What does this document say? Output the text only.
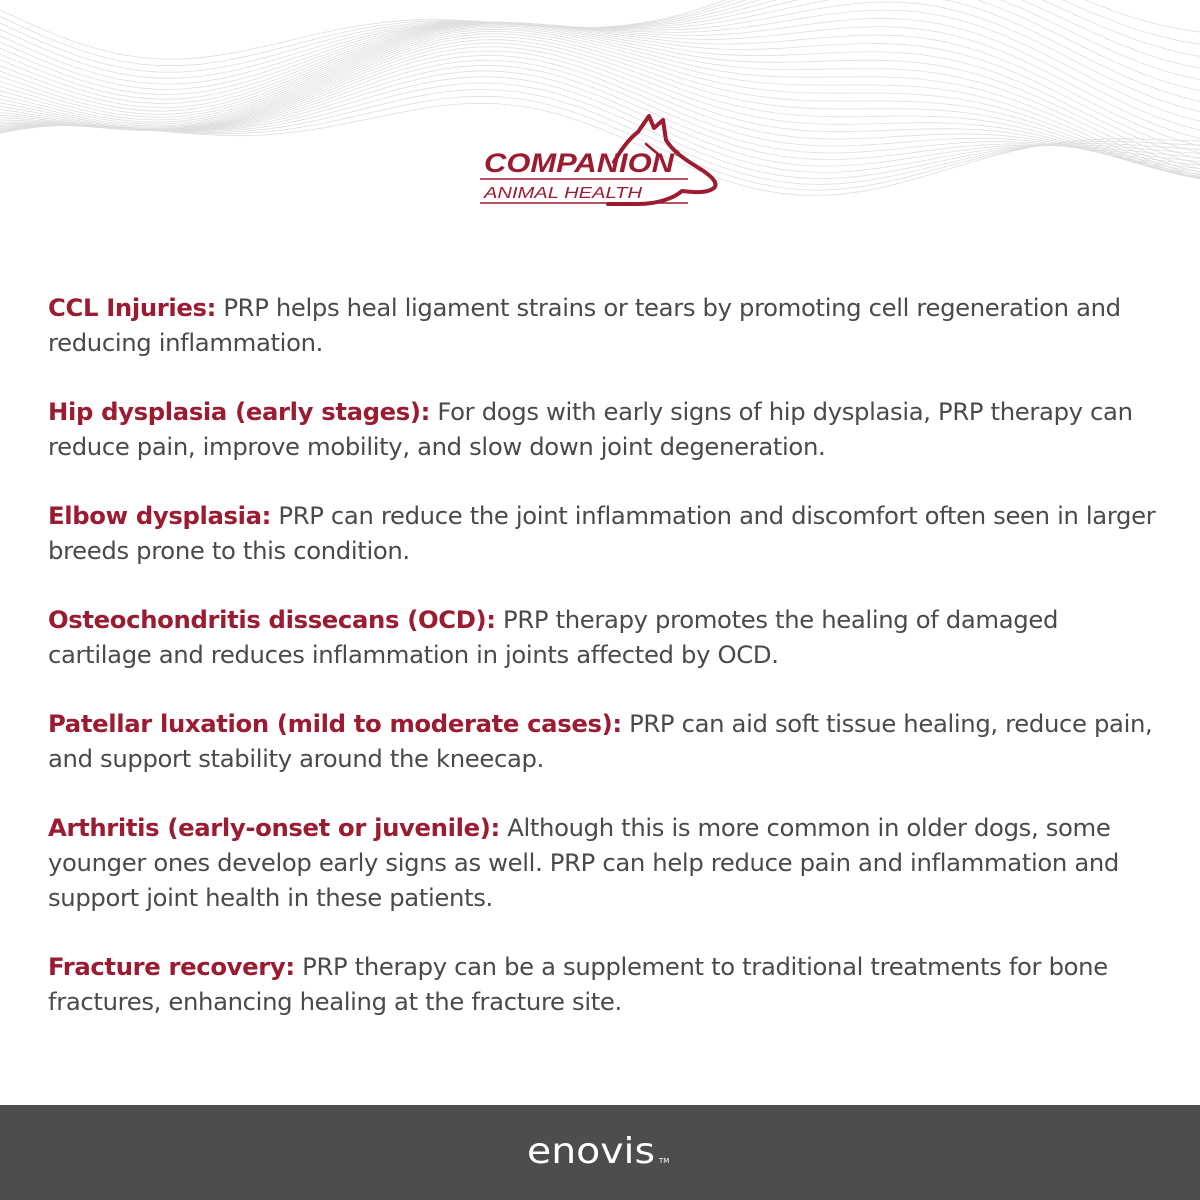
COMPANION ®
ANIMAL HEALTH

CCL Injuries: PRP helps heal ligament strains or tears by promoting cell regeneration and reducing inflammation.

Hip dysplasia (early stages): For dogs with early signs of hip dysplasia, PRP therapy can reduce pain, improve mobility, and slow down joint degeneration.

Elbow dysplasia: PRP can reduce the joint inflammation and discomfort often seen in larger breeds prone to this condition.

Osteochondritis dissecans (OCD): PRP therapy promotes the healing of damaged cartilage and reduces inflammation in joints affected by OCD.

Patellar luxation (mild to moderate cases): PRP can aid soft tissue healing, reduce pain, and support stability around the kneecap.

Arthritis (early-onset or juvenile): Although this is more common in older dogs, some younger ones develop early signs as well. PRP can help reduce pain and inflammation and support joint health in these patients.

Fracture recovery: PRP therapy can be a supplement to traditional treatments for bone fractures, enhancing healing at the fracture site.

enovis TM
